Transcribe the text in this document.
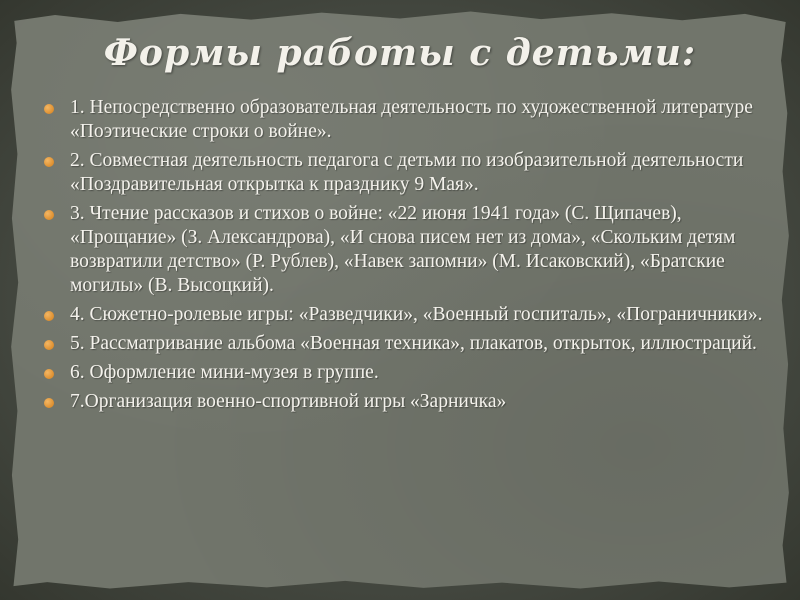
Формы работы с детьми:
1. Непосредственно образовательная деятельность по художественной литературе «Поэтические строки о войне».
2. Совместная деятельность педагога с детьми по изобразительной деятельности «Поздравительная открытка к празднику 9 Мая».
3. Чтение рассказов и стихов о войне: «22 июня 1941 года» (С. Щипачев), «Прощание» (З. Александрова), «И снова писем нет из дома», «Скольким детям возвратили детство» (Р. Рублев), «Навек запомни» (М. Исаковский), «Братские могилы» (В. Высоцкий).
4. Сюжетно-ролевые игры: «Разведчики», «Военный госпиталь», «Пограничники».
5. Рассматривание альбома «Военная техника», плакатов, открыток, иллюстраций.
6. Оформление мини-музея в группе.
7.Организация военно-спортивной игры «Зарничка»
